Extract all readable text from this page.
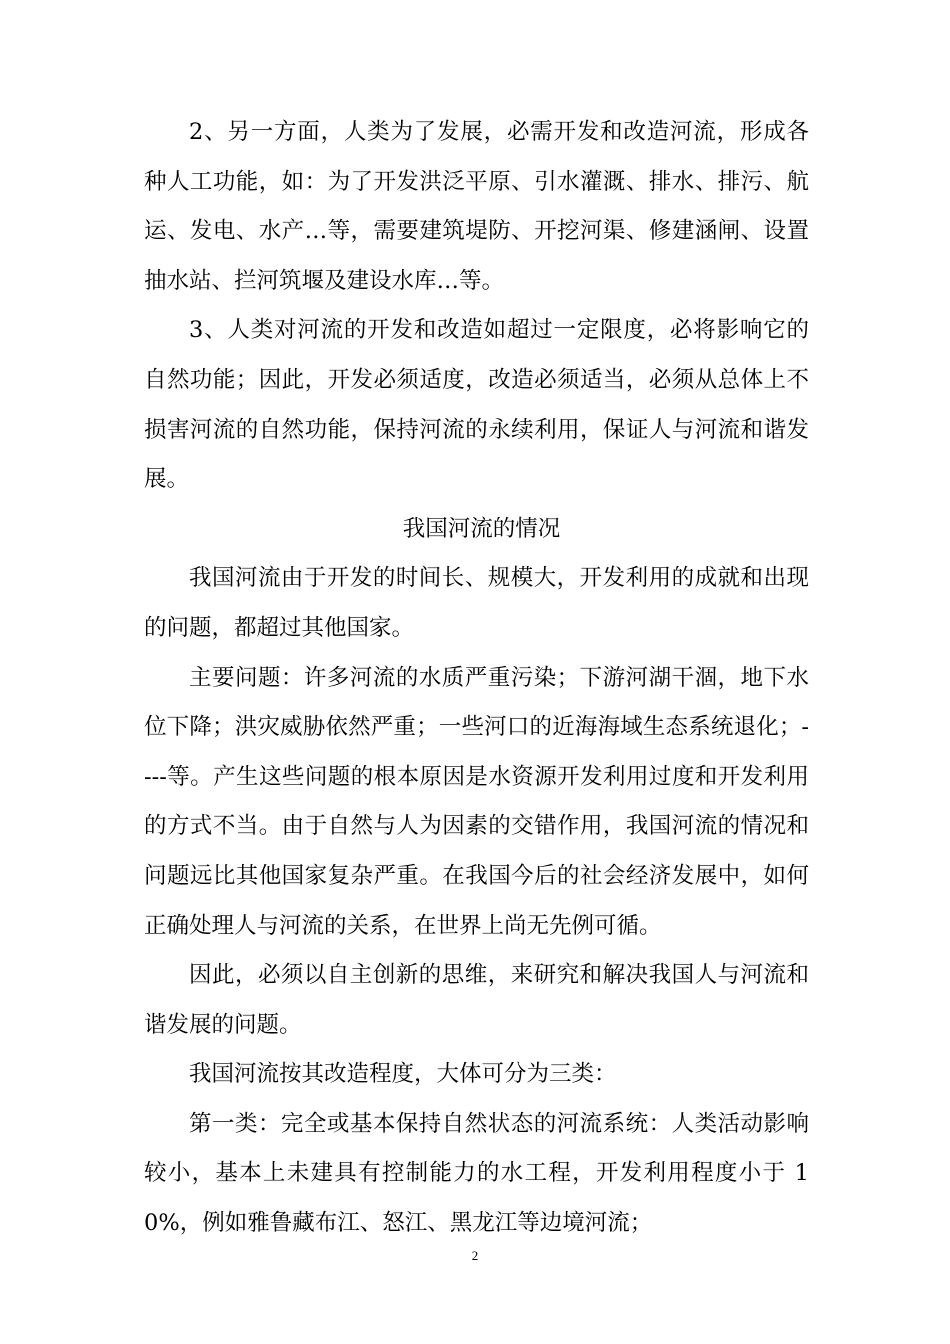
2、另一方面，人类为了发展，必需开发和改造河流，形成各种人工功能，如：为了开发洪泛平原、引水灌溉、排水、排污、航运、发电、水产…等，需要建筑堤防、开挖河渠、修建涵闸、设置抽水站、拦河筑堰及建设水库…等。

3、人类对河流的开发和改造如超过一定限度，必将影响它的自然功能；因此，开发必须适度，改造必须适当，必须从总体上不损害河流的自然功能，保持河流的永续利用，保证人与河流和谐发展。

我国河流的情况

我国河流由于开发的时间长、规模大，开发利用的成就和出现的问题，都超过其他国家。

主要问题：许多河流的水质严重污染；下游河湖干涸，地下水位下降；洪灾威胁依然严重；一些河口的近海海域生态系统退化；----等。产生这些问题的根本原因是水资源开发利用过度和开发利用的方式不当。由于自然与人为因素的交错作用，我国河流的情况和问题远比其他国家复杂严重。在我国今后的社会经济发展中，如何正确处理人与河流的关系，在世界上尚无先例可循。

因此，必须以自主创新的思维，来研究和解决我国人与河流和谐发展的问题。

我国河流按其改造程度，大体可分为三类：

第一类：完全或基本保持自然状态的河流系统：人类活动影响较小，基本上未建具有控制能力的水工程，开发利用程度小于 10%，例如雅鲁藏布江、怒江、黑龙江等边境河流；

2
